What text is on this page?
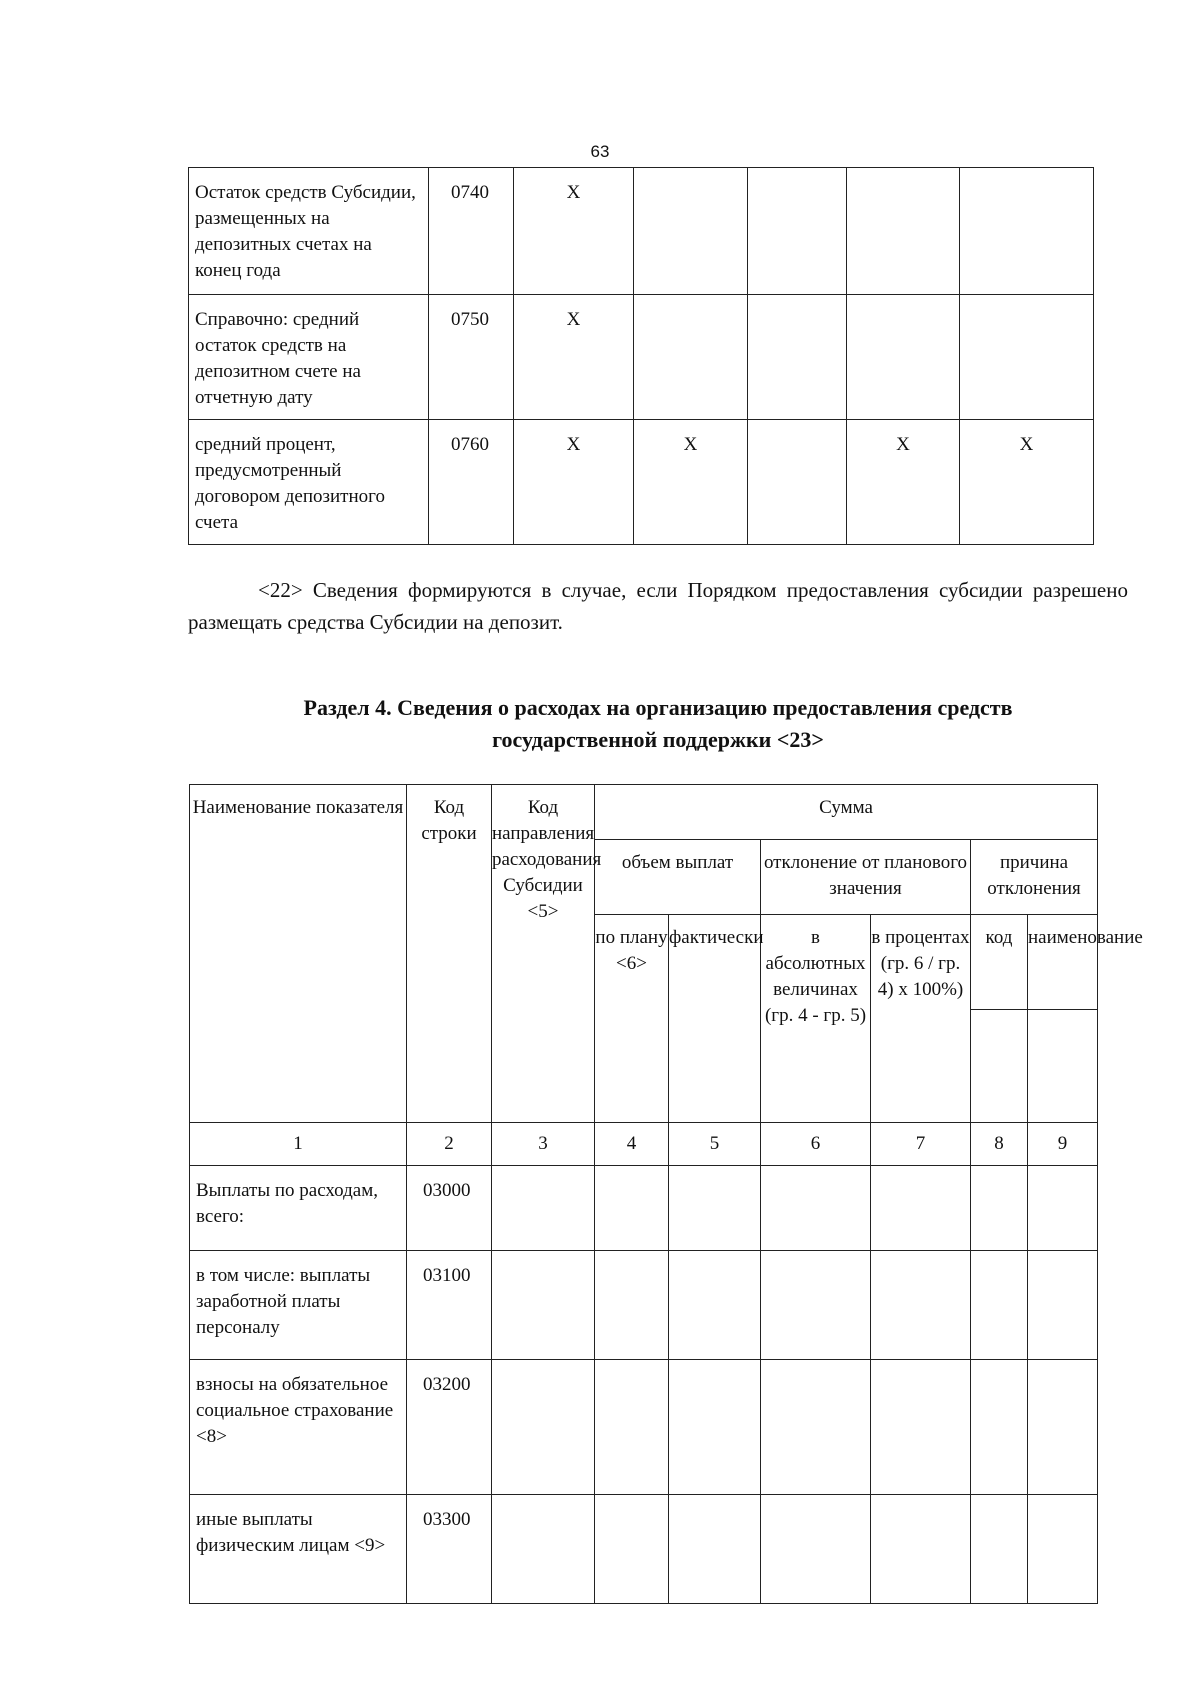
63
Остаток средств Субсидии, размещенных на депозитных счетах на конец года	0740	X				
Справочно: средний остаток средств на депозитном счете на отчетную дату	0750	X				
средний процент, предусмотренный договором депозитного счета	0760	X	X		X	X
<22> Сведения формируются в случае, если Порядком предоставления субсидии разрешено размещать средства Субсидии на депозит.
Раздел 4. Сведения о расходах на организацию предоставления средств
государственной поддержки <23>
Наименование показателя	Код строки	Код направления расходования Субсидии <5>	Сумма					
			объем выплат		отклонение от планового значения		причина отклонения	
			по плану <6>	фактически	в абсолютных величинах (гр. 4 - гр. 5)	в процентах (гр. 6 / гр. 4) x 100%)	код	наименование

1	2	3	4	5	6	7	8	9
Выплаты по расходам, всего:	03000							
в том числе: выплаты заработной платы персоналу	03100							
взносы на обязательное социальное страхование <8>	03200							
иные выплаты физическим лицам <9>	03300							
